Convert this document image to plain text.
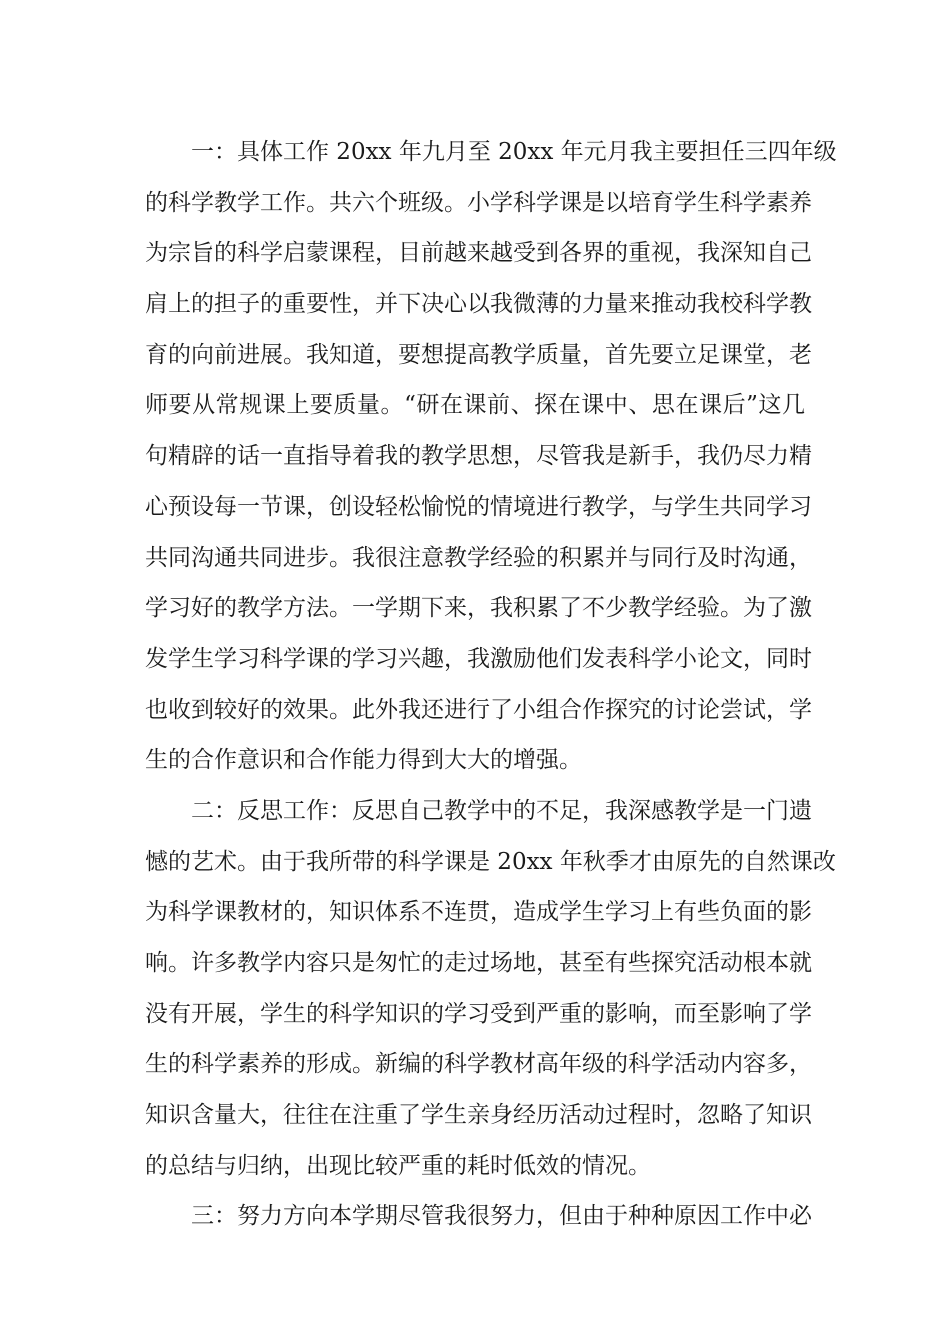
一：具体工作 20xx 年九月至 20xx 年元月我主要担任三四年级
的科学教学工作。共六个班级。小学科学课是以培育学生科学素养
为宗旨的科学启蒙课程，目前越来越受到各界的重视，我深知自己
肩上的担子的重要性，并下决心以我微薄的力量来推动我校科学教
育的向前进展。我知道，要想提高教学质量，首先要立足课堂，老
师要从常规课上要质量。“研在课前、探在课中、思在课后”这几
句精辟的话一直指导着我的教学思想，尽管我是新手，我仍尽力精
心预设每一节课，创设轻松愉悦的情境进行教学，与学生共同学习
共同沟通共同进步。我很注意教学经验的积累并与同行及时沟通，
学习好的教学方法。一学期下来，我积累了不少教学经验。为了激
发学生学习科学课的学习兴趣，我激励他们发表科学小论文，同时
也收到较好的效果。此外我还进行了小组合作探究的讨论尝试，学
生的合作意识和合作能力得到大大的增强。
二：反思工作：反思自己教学中的不足，我深感教学是一门遗
憾的艺术。由于我所带的科学课是 20xx 年秋季才由原先的自然课改
为科学课教材的，知识体系不连贯，造成学生学习上有些负面的影
响。许多教学内容只是匆忙的走过场地，甚至有些探究活动根本就
没有开展，学生的科学知识的学习受到严重的影响，而至影响了学
生的科学素养的形成。新编的科学教材高年级的科学活动内容多，
知识含量大，往往在注重了学生亲身经历活动过程时，忽略了知识
的总结与归纳，出现比较严重的耗时低效的情况。
三：努力方向本学期尽管我很努力，但由于种种原因工作中必
